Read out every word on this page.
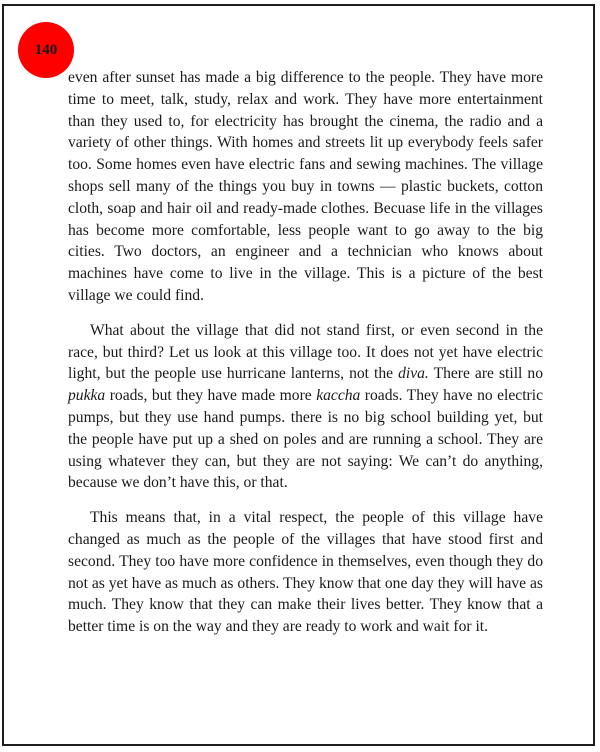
140

even after sunset has made a big difference to the people. They have more time to meet, talk, study, relax and work. They have more entertainment than they used to, for electricity has brought the cinema, the radio and a variety of other things. With homes and streets lit up everybody feels safer too. Some homes even have electric fans and sewing machines. The village shops sell many of the things you buy in towns — plastic buckets, cotton cloth, soap and hair oil and ready-made clothes. Becuase life in the villages has become more comfortable, less people want to go away to the big cities. Two doctors, an engineer and a technician who knows about machines have come to live in the village. This is a picture of the best village we could find.

What about the village that did not stand first, or even second in the race, but third? Let us look at this village too. It does not yet have electric light, but the people use hurricane lanterns, not the diva. There are still no pukka roads, but they have made more kaccha roads. They have no electric pumps, but they use hand pumps. there is no big school building yet, but the people have put up a shed on poles and are running a school. They are using whatever they can, but they are not saying: We can’t do anything, because we don’t have this, or that.

This means that, in a vital respect, the people of this village have changed as much as the people of the villages that have stood first and second. They too have more confidence in themselves, even though they do not as yet have as much as others. They know that one day they will have as much. They know that they can make their lives better. They know that a better time is on the way and they are ready to work and wait for it.
